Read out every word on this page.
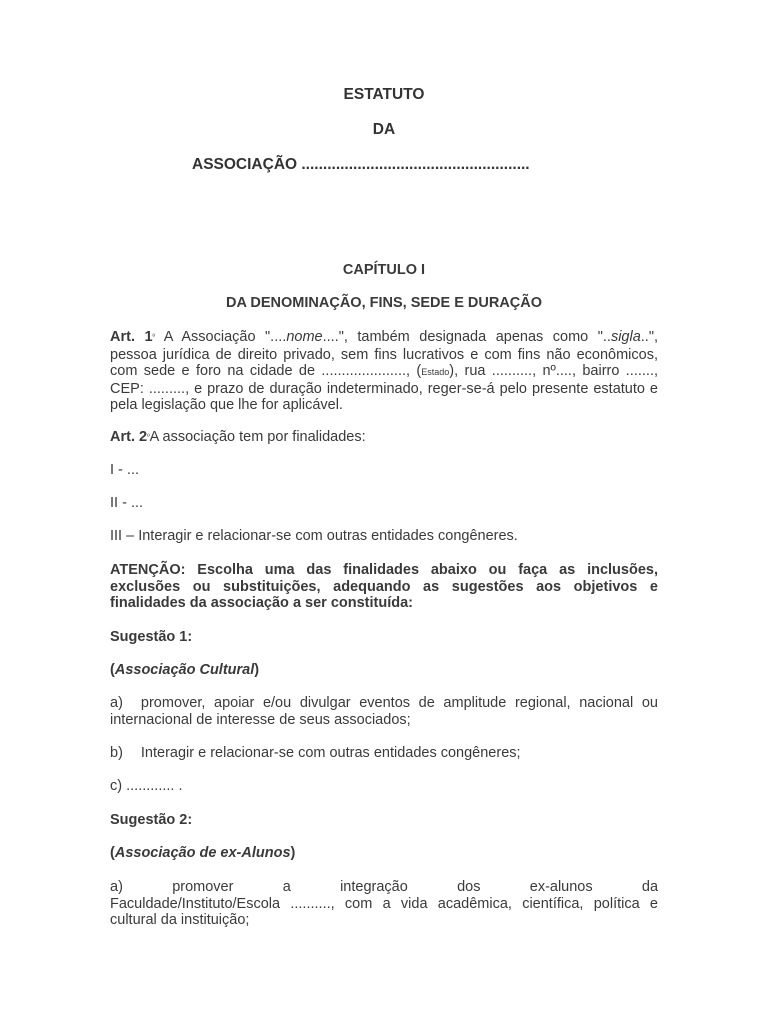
ESTATUTO
DA
ASSOCIAÇÃO .....................................................
CAPÍTULO I
DA DENOMINAÇÃO, FINS, SEDE E DURAÇÃO
Art. $1^º$ A Associação "....nome....", também designada apenas como "..sigla..", pessoa jurídica de direito privado, sem fins lucrativos e com fins não econômicos, com sede e foro na cidade de ....................., (Estado), rua .........., nº...., bairro ......., CEP: ........., e prazo de duração indeterminado, reger-se-á pelo presente estatuto e pela legislação que lhe for aplicável.
Art. $2^ºA$ associação tem por finalidades:
I - ...
II - ...
III – Interagir e relacionar-se com outras entidades congêneres.
ATENÇÃO: Escolha uma das finalidades abaixo ou faça as inclusões, exclusões ou substituições, adequando as sugestões aos objetivos e finalidades da associação a ser constituída:
Sugestão 1:
(Associação Cultural)
a) promover, apoiar e/ou divulgar eventos de amplitude regional, nacional ou internacional de interesse de seus associados;
b) Interagir e relacionar-se com outras entidades congêneres;
c) ............ .
Sugestão 2:
(Associação de ex-Alunos)
a)	promover	a	integração	dos	ex-alunos	da
Faculdade/Instituto/Escola .........., com a vida acadêmica, científica, política e cultural da instituição;
